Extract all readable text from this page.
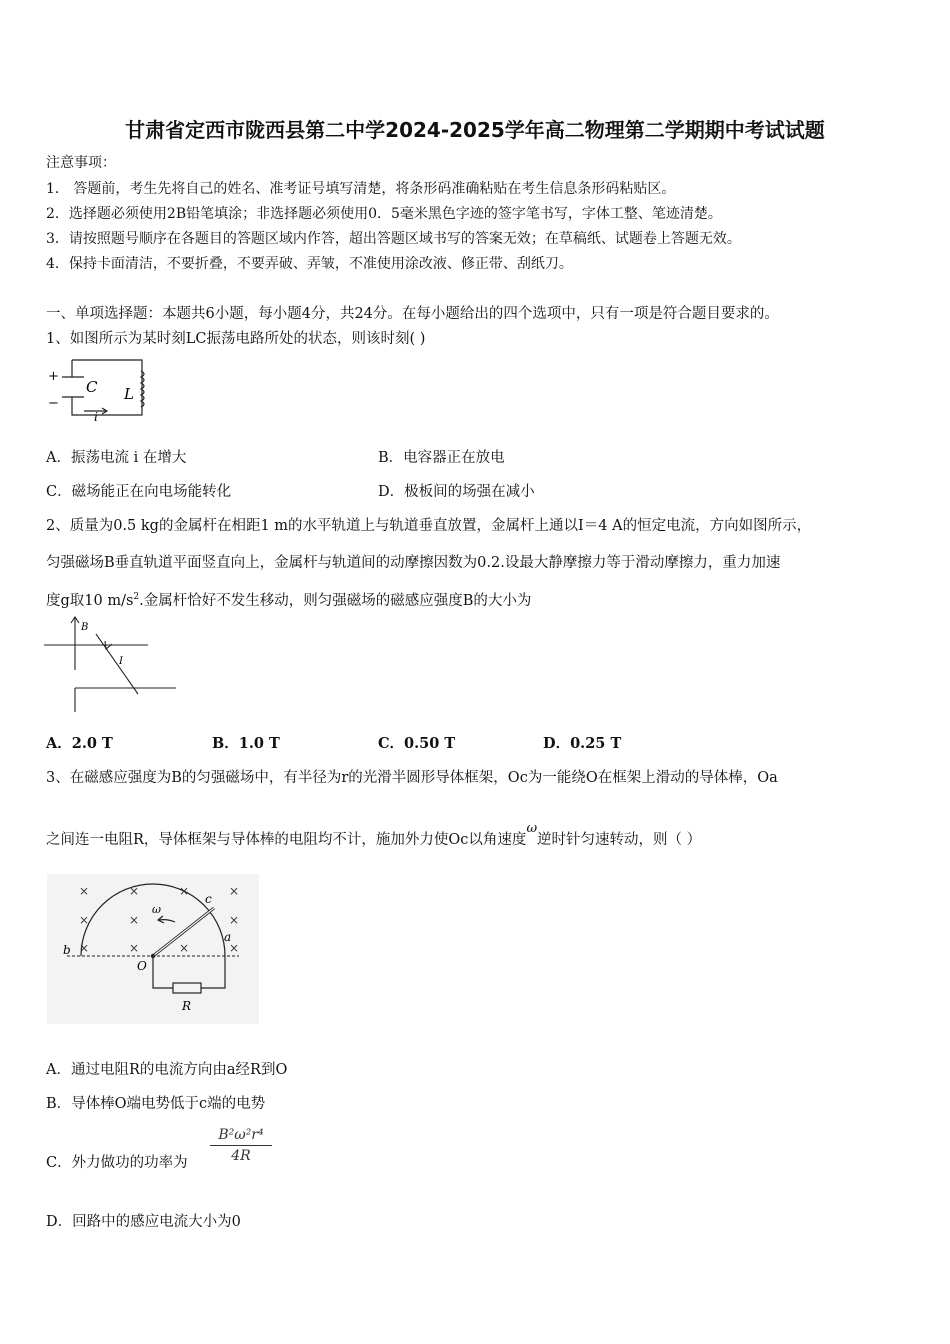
甘肃省定西市陇西县第二中学2024-2025学年高二物理第二学期期中考试试题
注意事项：
1． 答题前，考生先将自己的姓名、准考证号填写清楚，将条形码准确粘贴在考生信息条形码粘贴区。
2．选择题必须使用2B铅笔填涂；非选择题必须使用0．5毫米黑色字迹的签字笔书写，字体工整、笔迹清楚。
3．请按照题号顺序在各题目的答题区域内作答，超出答题区域书写的答案无效；在草稿纸、试题卷上答题无效。
4．保持卡面清洁，不要折叠，不要弄破、弄皱，不准使用涂改液、修正带、刮纸刀。
一、单项选择题：本题共6小题，每小题4分，共24分。在每小题给出的四个选项中，只有一项是符合题目要求的。
1、如图所示为某时刻LC振荡电路所处的状态，则该时刻( )
+
−
C L
i
A．振荡电流 i 在增大	B．电容器正在放电
C．磁场能正在向电场能转化	D．极板间的场强在减小
2、质量为0.5 kg的金属杆在相距1 m的水平轨道上与轨道垂直放置，金属杆上通以I＝4 A的恒定电流，方向如图所示，
匀强磁场B垂直轨道平面竖直向上，金属杆与轨道间的动摩擦因数为0.2.设最大静摩擦力等于滑动摩擦力，重力加速
度g取10 $m/s^2$.金属杆恰好不发生移动，则匀强磁场的磁感应强度B的大小为
B
I
A．2.0 T	B．1.0 T	C．0.50 T	D．0.25 T
3、在磁感应强度为B的匀强磁场中，有半径为r的光滑半圆形导体框架，Oc为一能绕O在框架上滑动的导体棒，Oa
之间连一电阻R，导体框架与导体棒的电阻均不计，施加外力使Oc以角速度ω逆时针匀速转动，则（ ）
×	×	×	×
×	×	×
×	×	×	×
b
a
c
O
R
ω
A．通过电阻R的电流方向由a经R到O
B．导体棒O端电势低于c端的电势
C．外力做功的功率为 $\frac{\text{B²ω²r⁴}}{4R}$
D．回路中的感应电流大小为0
